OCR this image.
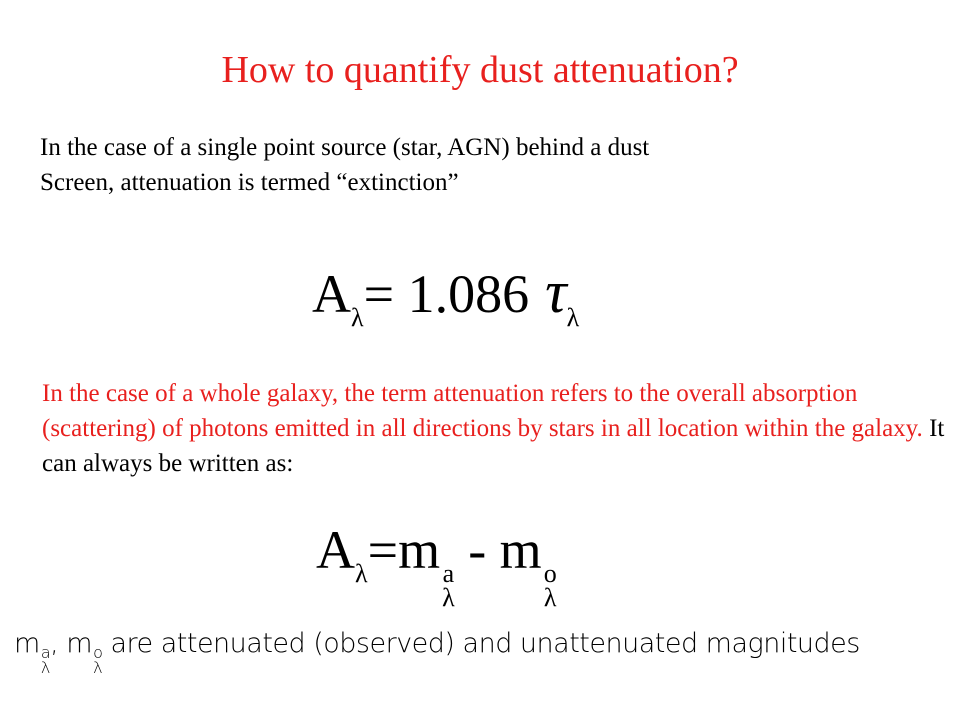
How to quantify dust attenuation?
In the case of a single point source (star, AGN) behind a dust
Screen, attenuation is termed “extinction”
$A_\lambda= 1.086$ $\tau_\lambda$
In the case of a whole galaxy, the term attenuation refers to the overall absorption (scattering) of photons emitted in all directions by stars in all location within the galaxy. It can always be written as:
$A_\lambda=m$ a
λ
- m o
λ
m a
λ
, m o
λ
are attenuated (observed) and unattenuated magnitudes
